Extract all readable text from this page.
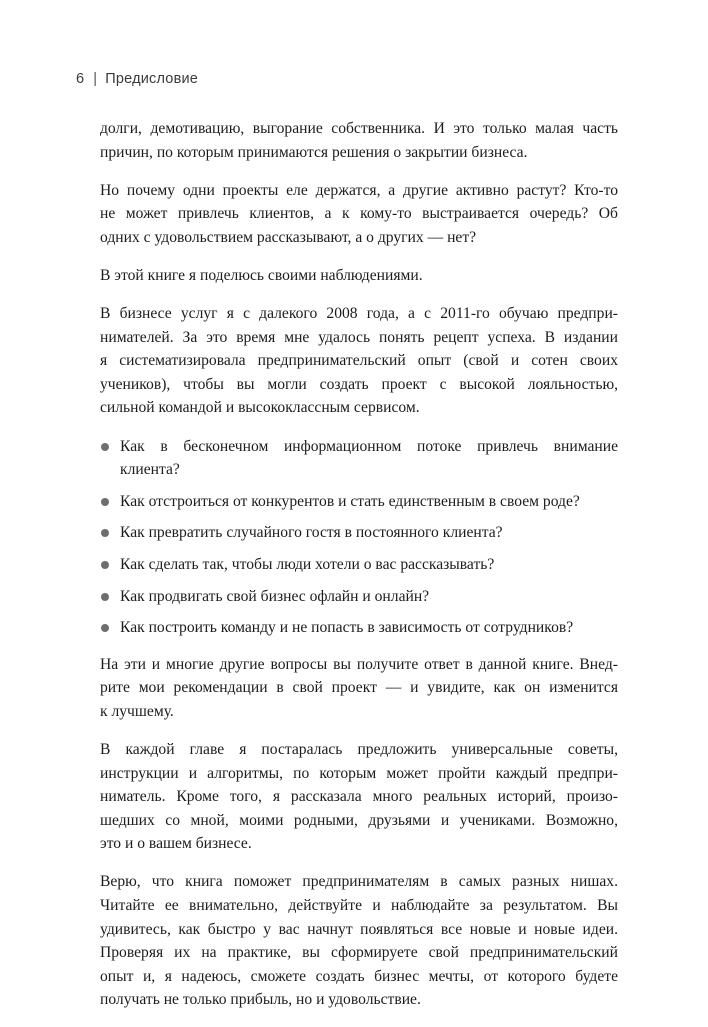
6 | Предисловие

долги, демотивацию, выгорание собственника. И это только малая часть
причин, по которым принимаются решения о закрытии бизнеса.

Но почему одни проекты еле держатся, а другие активно растут? Кто-то
не может привлечь клиентов, а к кому-то выстраивается очередь? Об
одних с удовольствием рассказывают, а о других — нет?

В этой книге я поделюсь своими наблюдениями.

В бизнесе услуг я с далекого 2008 года, а с 2011-го обучаю предпри-
нимателей. За это время мне удалось понять рецепт успеха. В издании
я систематизировала предпринимательский опыт (свой и сотен своих
учеников), чтобы вы могли создать проект с высокой лояльностью,
сильной командой и высококлассным сервисом.

Как в бесконечном информационном потоке привлечь внимание
клиента?
Как отстроиться от конкурентов и стать единственным в своем роде?
Как превратить случайного гостя в постоянного клиента?
Как сделать так, чтобы люди хотели о вас рассказывать?
Как продвигать свой бизнес офлайн и онлайн?
Как построить команду и не попасть в зависимость от сотрудников?

На эти и многие другие вопросы вы получите ответ в данной книге. Внед-
рите мои рекомендации в свой проект — и увидите, как он изменится
к лучшему.

В каждой главе я постаралась предложить универсальные советы,
инструкции и алгоритмы, по которым может пройти каждый предпри-
ниматель. Кроме того, я рассказала много реальных историй, произо-
шедших со мной, моими родными, друзьями и учениками. Возможно,
это и о вашем бизнесе.

Верю, что книга поможет предпринимателям в самых разных нишах.
Читайте ее внимательно, действуйте и наблюдайте за результатом. Вы
удивитесь, как быстро у вас начнут появляться все новые и новые идеи.
Проверяя их на практике, вы сформируете свой предпринимательский
опыт и, я надеюсь, сможете создать бизнес мечты, от которого будете
получать не только прибыль, но и удовольствие.
